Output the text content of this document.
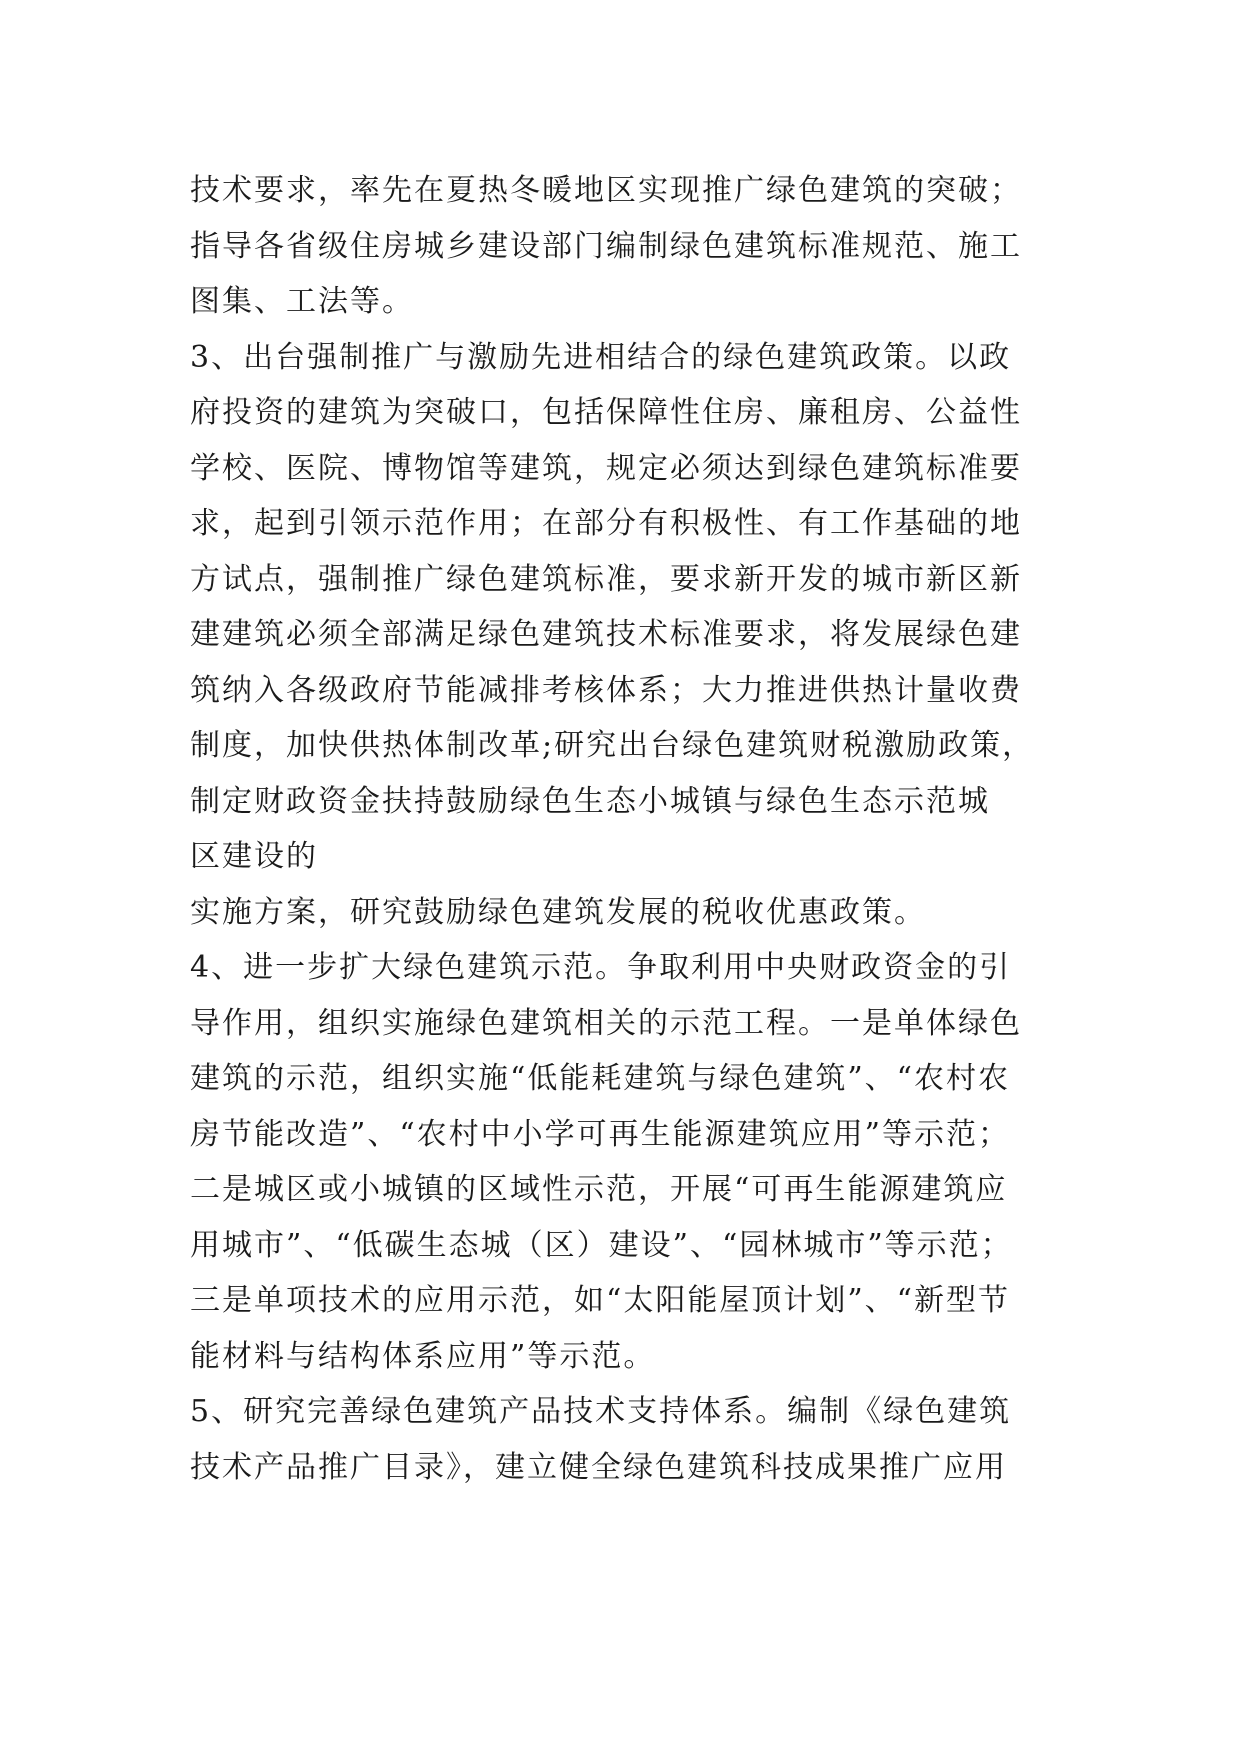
技术要求，率先在夏热冬暖地区实现推广绿色建筑的突破；
指导各省级住房城乡建设部门编制绿色建筑标准规范、施工
图集、工法等。
3、出台强制推广与激励先进相结合的绿色建筑政策。以政
府投资的建筑为突破口，包括保障性住房、廉租房、公益性
学校、医院、博物馆等建筑，规定必须达到绿色建筑标准要
求，起到引领示范作用；在部分有积极性、有工作基础的地
方试点，强制推广绿色建筑标准，要求新开发的城市新区新
建建筑必须全部满足绿色建筑技术标准要求，将发展绿色建
筑纳入各级政府节能减排考核体系；大力推进供热计量收费
制度，加快供热体制改革;研究出台绿色建筑财税激励政策，
制定财政资金扶持鼓励绿色生态小城镇与绿色生态示范城
区建设的
实施方案，研究鼓励绿色建筑发展的税收优惠政策。
4、进一步扩大绿色建筑示范。争取利用中央财政资金的引
导作用，组织实施绿色建筑相关的示范工程。一是单体绿色
建筑的示范，组织实施“低能耗建筑与绿色建筑”、“农村农
房节能改造”、“农村中小学可再生能源建筑应用”等示范；
二是城区或小城镇的区域性示范，开展“可再生能源建筑应
用城市”、“低碳生态城（区）建设”、“园林城市”等示范；
三是单项技术的应用示范，如“太阳能屋顶计划”、“新型节
能材料与结构体系应用”等示范。
5、研究完善绿色建筑产品技术支持体系。编制《绿色建筑
技术产品推广目录》，建立健全绿色建筑科技成果推广应用
